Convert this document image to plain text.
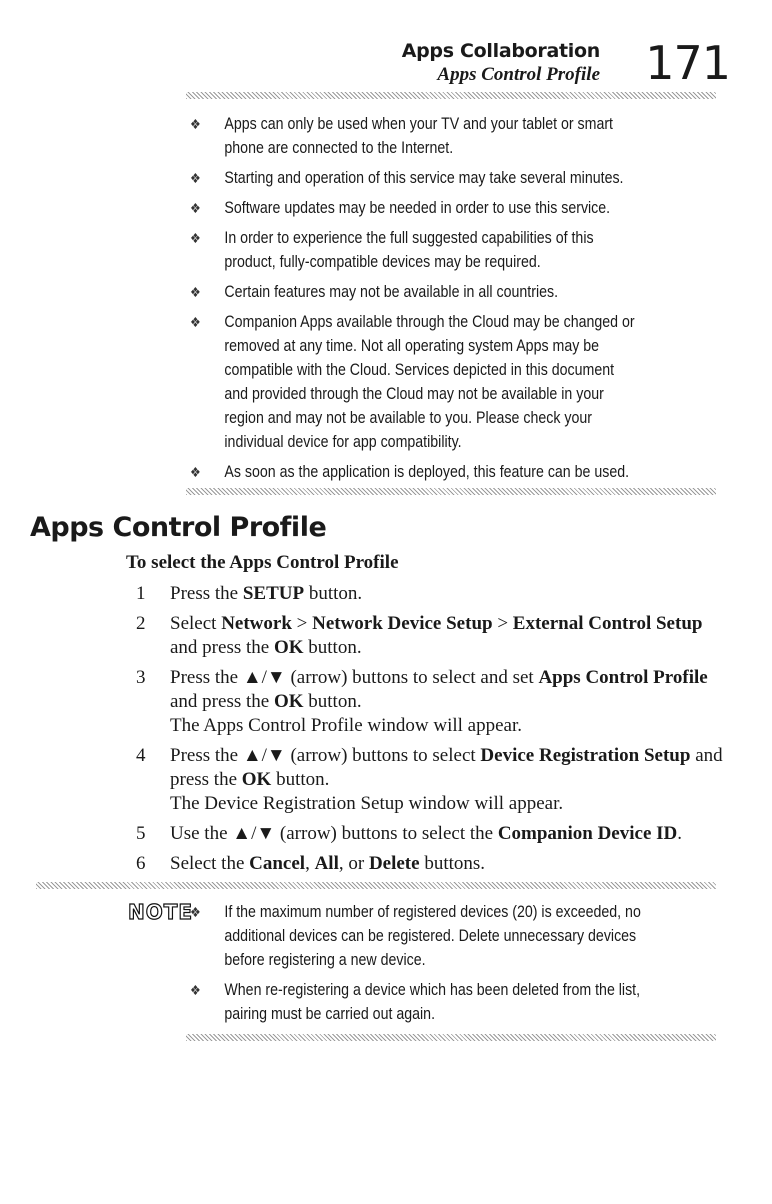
Apps Collaboration
Apps Control Profile 171
❖ Apps can only be used when your TV and your tablet or smart phone are connected to the Internet.
❖ Starting and operation of this service may take several minutes.
❖ Software updates may be needed in order to use this service.
❖ In order to experience the full suggested capabilities of this product, fully-compatible devices may be required.
❖ Certain features may not be available in all countries.
❖ Companion Apps available through the Cloud may be changed or removed at any time. Not all operating system Apps may be compatible with the Cloud. Services depicted in this document and provided through the Cloud may not be available in your region and may not be available to you. Please check your individual device for app compatibility.
❖ As soon as the application is deployed, this feature can be used.
Apps Control Profile
To select the Apps Control Profile
1 Press the SETUP button.

2 Select Network > Network Device Setup > External Control Setup and press the OK button.

3 Press the ▲/▼ (arrow) buttons to select and set Apps Control Profile and press the OK button.

The Apps Control Profile window will appear.

4 Press the ▲/▼ (arrow) buttons to select Device Registration Setup and press the OK button.

The Device Registration Setup window will appear.

5 Use the ▲/▼ (arrow) buttons to select the Companion Device ID.

6 Select the Cancel, All, or Delete buttons.

NOTE
❖ If the maximum number of registered devices (20) is exceeded, no additional devices can be registered. Delete unnecessary devices before registering a new device.
❖ When re-registering a device which has been deleted from the list, pairing must be carried out again.
